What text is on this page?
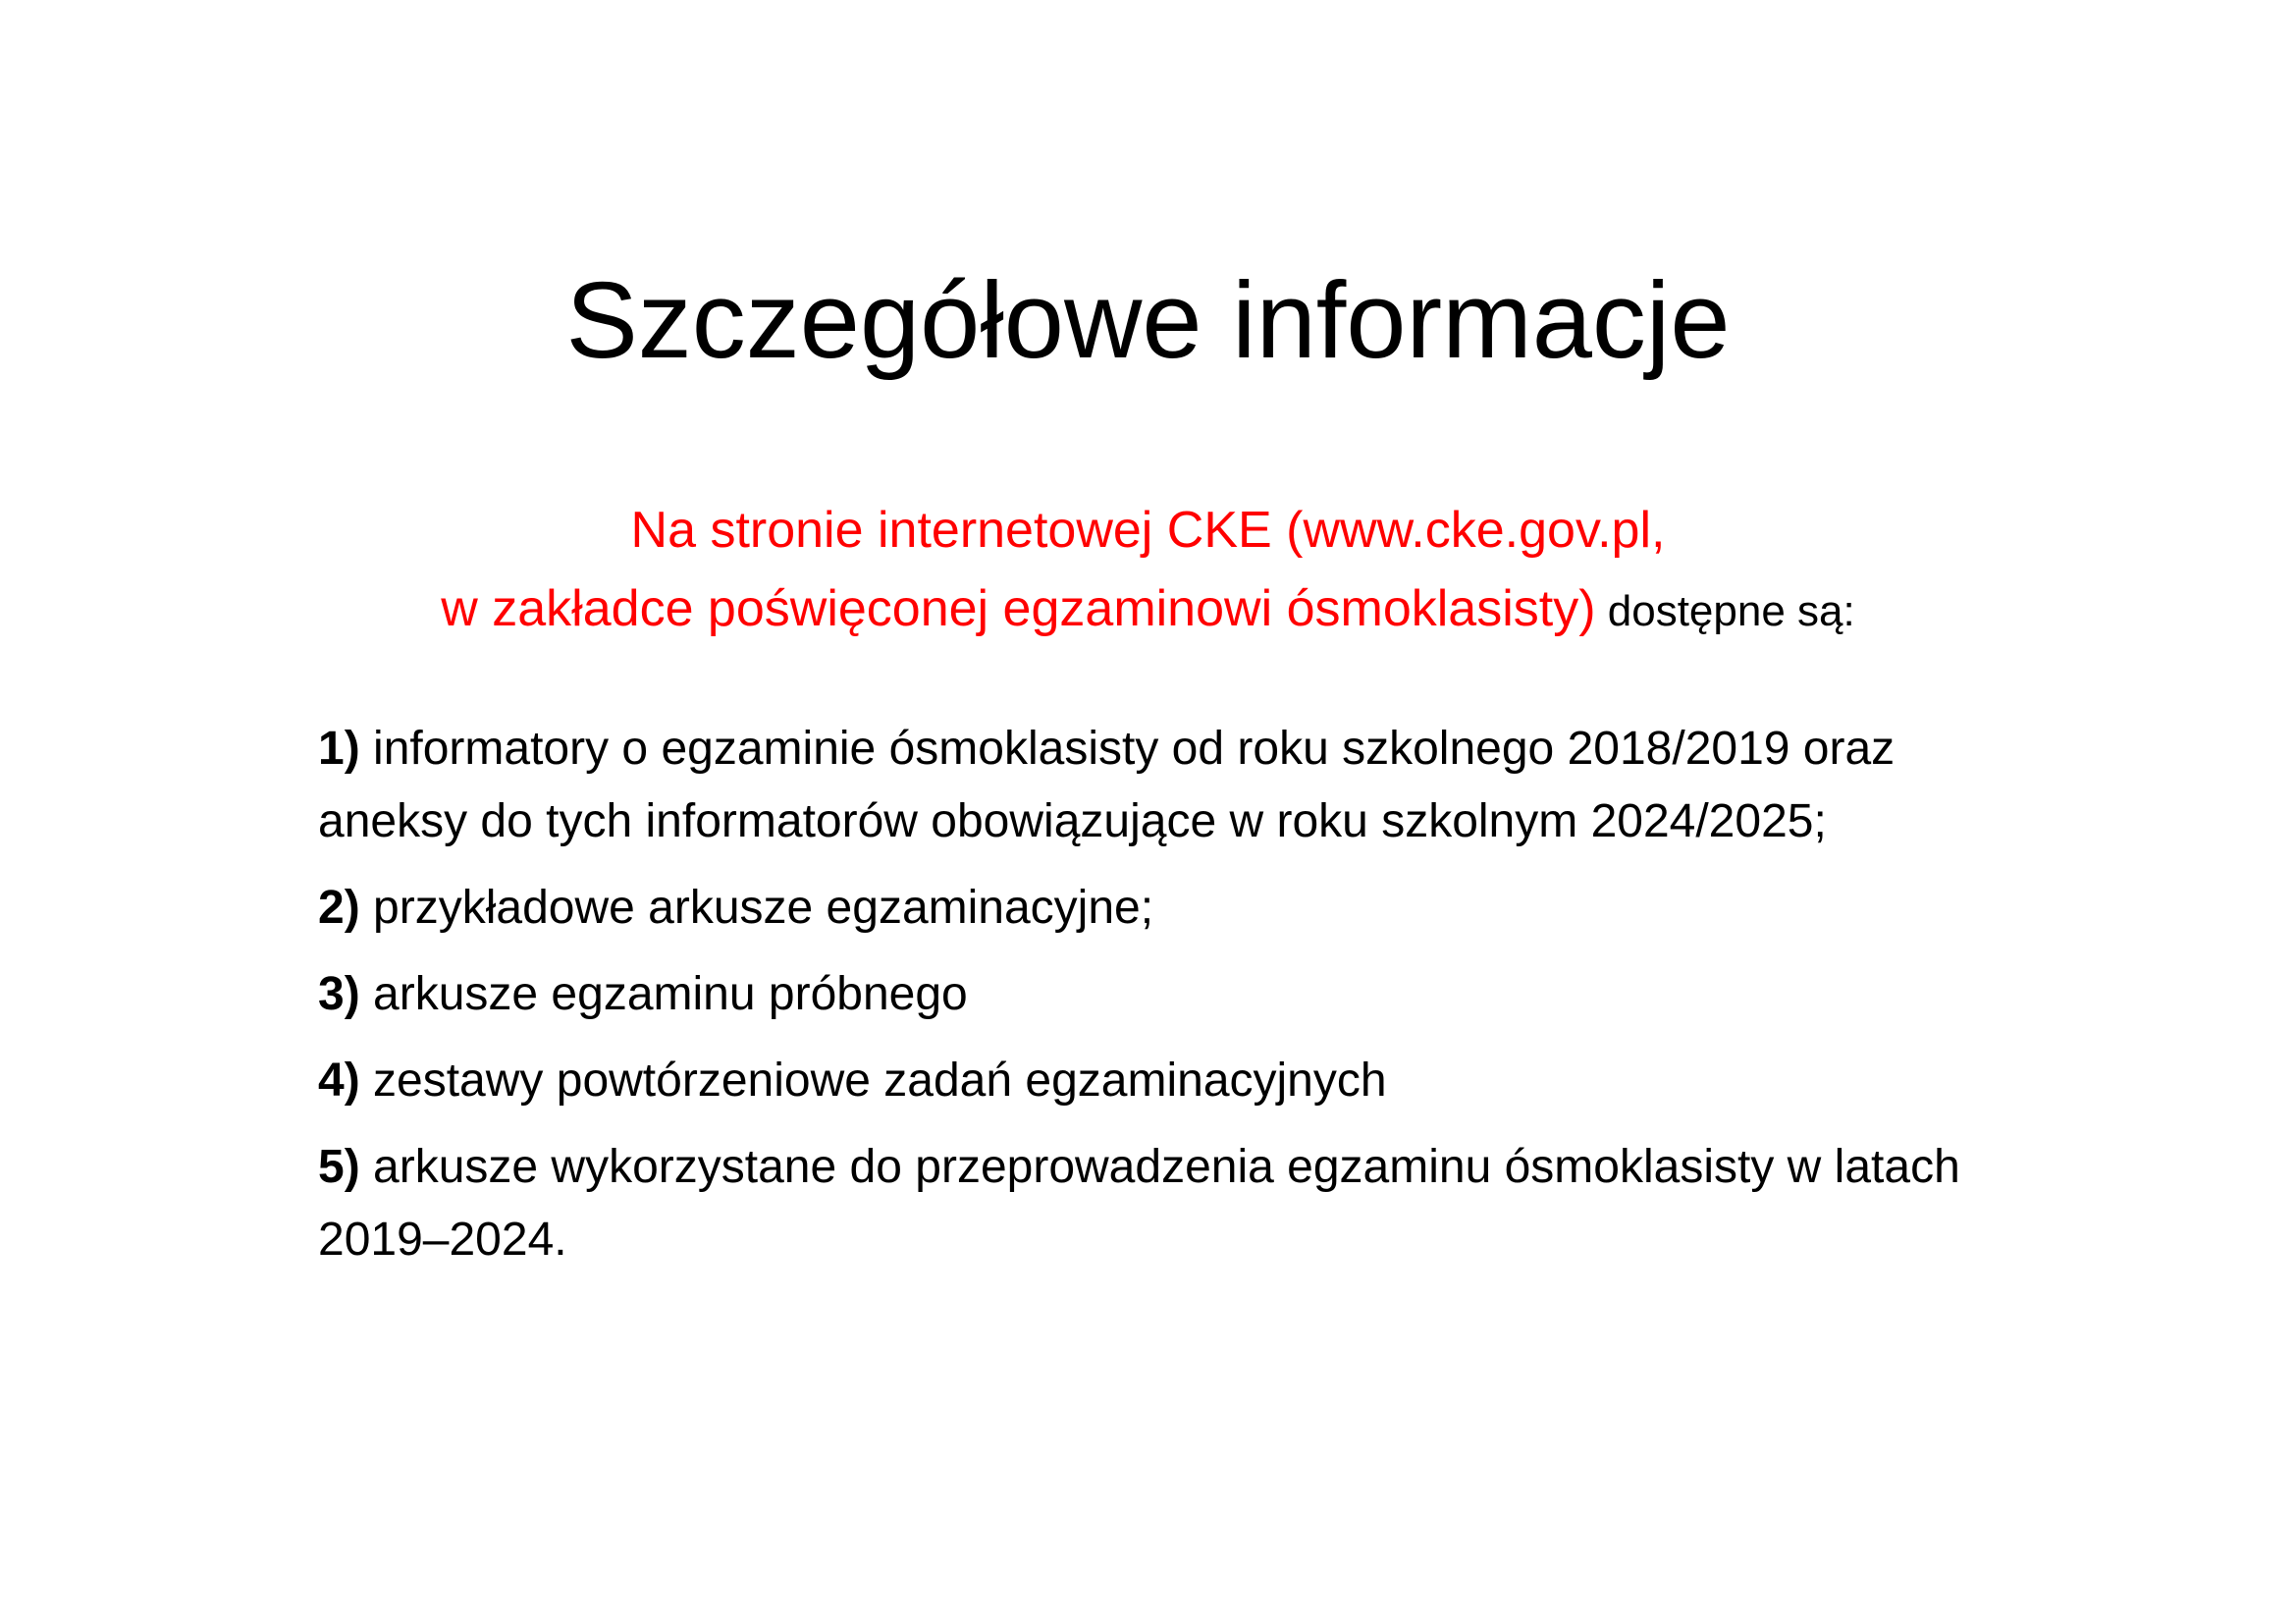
Szczegółowe informacje

Na stronie internetowej CKE (www.cke.gov.pl,
w zakładce poświęconej egzaminowi ósmoklasisty) dostępne są:

1) informatory o egzaminie ósmoklasisty od roku szkolnego 2018/2019 oraz aneksy do tych informatorów obowiązujące w roku szkolnym 2024/2025;
2) przykładowe arkusze egzaminacyjne;
3) arkusze egzaminu próbnego
4) zestawy powtórzeniowe zadań egzaminacyjnych
5) arkusze wykorzystane do przeprowadzenia egzaminu ósmoklasisty w latach 2019–2024.
